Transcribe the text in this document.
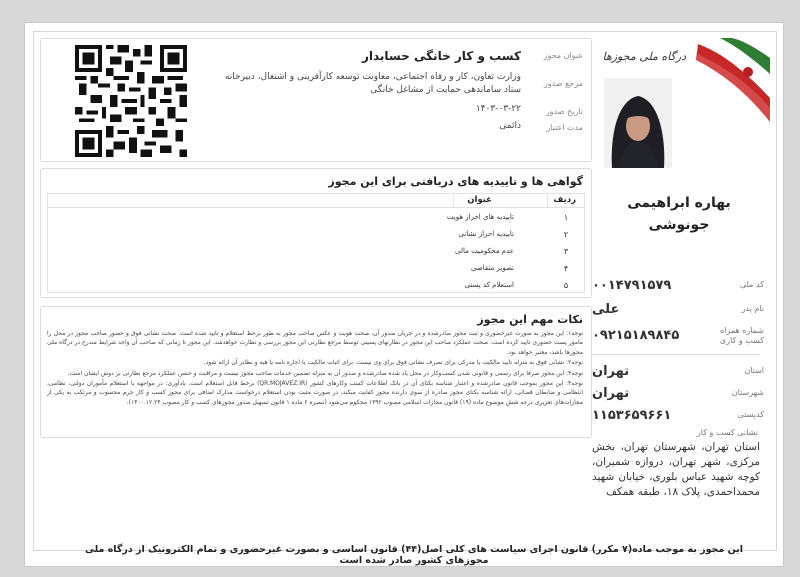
درگاه ملی مجوزها
بهاره ابراهیمی
جونوشی
کد ملی
۰۰۱۴۷۹۱۵۷۹
نام پدر
علی
شماره همراه کسب و کاری
۰۹۲۱۵۱۸۹۸۴۵
استان
تهران
شهرستان
تهران
کدپستی
۱۱۵۳۶۵۹۶۶۱
نشانی کسب و کار
استان تهران، شهرستان تهران، بخش مرکزی، شهر تهران، دروازه شمیران، کوچه شهید عباس بلوری، خیابان شهید محمداحمدی، پلاک ۱۸، طبقه همکف
عنوان مجوز
کسب و کار خانگی حسابدار
مرجع صدور
وزارت تعاون، کار و رفاه اجتماعی، معاونت توسعه کارآفرینی و اشتغال، دبیرخانه ستاد ساماندهی حمایت از مشاغل خانگی
تاریخ صدور
۱۴۰۳-۰۳-۲۲
مدت اعتبار
دائمی
گواهی ها و تاییدیه های دریافتی برای این مجوز
ردیف
عنوان
۱
تاییدیه های احراز هویت
۲
تاییدیه احراز نشانی
۳
عدم محکومیت مالی
۴
تصویر متقاضی
۵
استعلام کد پستی
نکات مهم این مجوز

توجه۱: این مجوز به صورت غیرحضوری و ثبت مجوز صادرشده و در جریان صدور آن، صحت هویت و عکس صاحب مجوز به طور برخط استعلام و تایید شده است. صحت نشانی فوق و حضور صاحب مجوز در محل را مامور پست حضوری تایید کرده است. صحت عملکرد صاحب این مجوز در نظارتهای پسینی توسط مرجع نظارتی این مجوز بررسی و نظارت خواهدشد. این مجوز تا زمانی که صاحب آن واجد شرایط مندرج در درگاه ملی مجوزها باشد، معتبر خواهد بود.

توجه۲: نشانی فوق به منزله تایید مالکیت یا مدرکی برای تصرف نشانی فوق برای وی نیست. برای اثبات مالکیت یا اجاره نامه یا هبه و نظایر آن ارائه شود.

توجه۳: این مجوز صرفا برای رسمی و قانونی شدن کسب‌وکار در محل یاد شده صادرشده و صدور آن به منزله تضمین خدمات صاحب مجوز نیست و مراقبت و حسن عملکرد مرجع نظارتی بر دوش ایشان است.

توجه۴: این مجوز بموجب قانون صادرشده و اعتبار شناسه یکتای آن در بانک اطلاعات کسب وکارهای کشور (QR.MOJAVEZ.IR) برخط قابل استعلام است. یادآوری: در مواجهه با استعلام مأموران دولتی، نظامی، انتظامی و ضابطان قضائی، ارائه شناسه یکتای مجوز صادره از سوی دارنده مجوز کفایت میکند. در صورت مثبت بودن استعلام درخواست مدارک اضافی برای مجوز کسب و کار جرم محسوب و مرتکب به یکی از مجازات‌های تعزیری درجه شش موضوع ماده (۱۹) قانون مجازات اسلامی مصوب ۱۳۹۲ محکوم می‌شود (تبصره ۶ ماده ۱ قانون تسهیل صدور مجوزهای کسب و کار مصوب ۱۴۰۰.۱۲.۲۴).

این مجوز به موجب ماده(۷ مکرر) قانون اجرای سیاست های کلی اصل(۴۴) قانون اساسی و بصورت غیرحضوری و تمام الکترونیک از درگاه ملی مجوزهای کشور صادر شده است
